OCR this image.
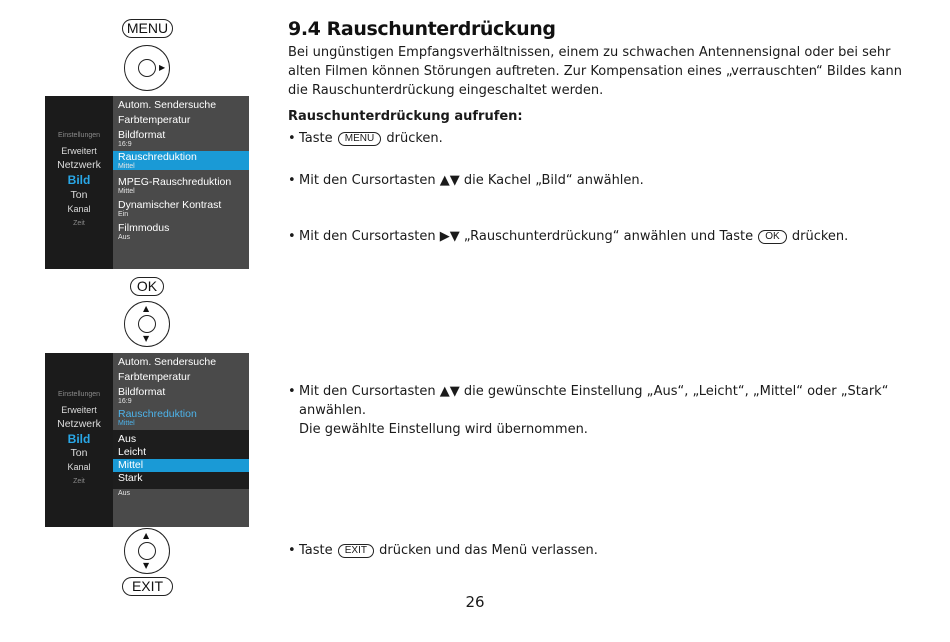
MENU
▶
Einstellungen
Erweitert
Netzwerk
Bild
Ton
Kanal
Zeit
Autom. Sendersuche
Farbtemperatur
Bildformat
16:9
Rauschreduktion
Mittel
MPEG-Rauschreduktion
Mittel
Dynamischer Kontrast
Ein
Filmmodus
Aus
OK
▲
▼
Einstellungen
Erweitert
Netzwerk
Bild
Ton
Kanal
Zeit
Autom. Sendersuche
Farbtemperatur
Bildformat
16:9
Rauschreduktion
Mittel
Aus
Leicht
Mittel
Stark
Aus
▲
▼
EXIT
9.4 Rauschunterdrückung
Bei ungünstigen Empfangsverhältnissen, einem zu schwachen Antennensignal oder bei sehr alten Filmen können Störungen auftreten. Zur Kompensation eines „verrauschten“ Bildes kann die Rauschunterdrückung eingeschaltet werden.
Rauschunterdrückung aufrufen:
• Taste MENU drücken.
• Mit den Cursortasten ▲▼ die Kachel „Bild“ anwählen.
• Mit den Cursortasten ▶▼ „Rauschunterdrückung“ anwählen und Taste OK drücken.
• Mit den Cursortasten ▲▼ die gewünschte Einstellung „Aus“, „Leicht“, „Mittel“ oder „Stark“
anwählen.
Die gewählte Einstellung wird übernommen.
• Taste EXIT drücken und das Menü verlassen.
26
